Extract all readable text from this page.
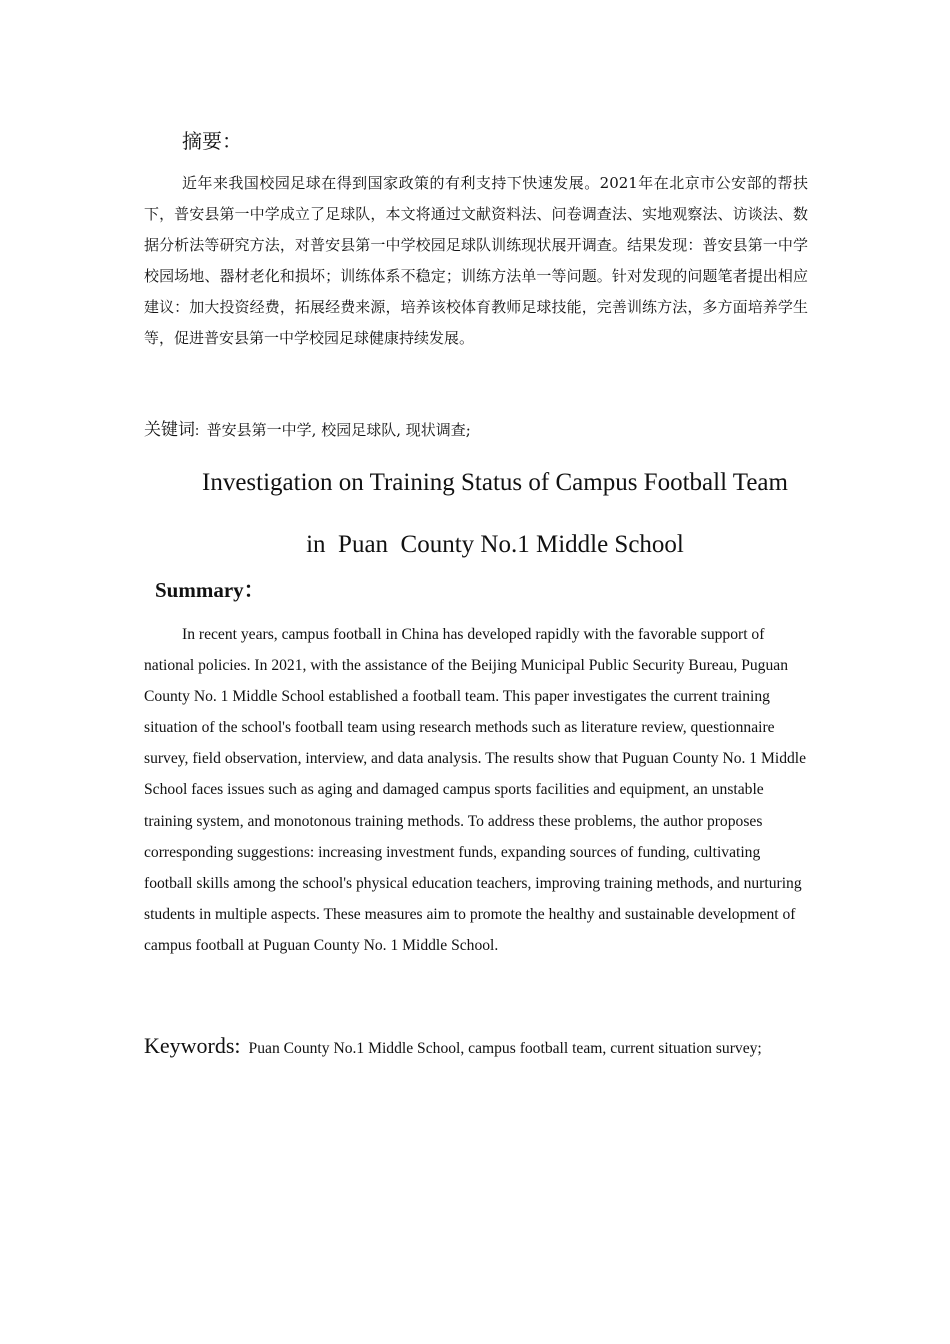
摘要：

近年来我国校园足球在得到国家政策的有利支持下快速发展。2021年在北京市公安部的帮扶下，普安县第一中学成立了足球队，本文将通过文献资料法、问卷调查法、实地观察法、访谈法、数据分析法等研究方法，对普安县第一中学校园足球队训练现状展开调查。结果发现：普安县第一中学校园场地、器材老化和损坏；训练体系不稳定；训练方法单一等问题。针对发现的问题笔者提出相应建议：加大投资经费，拓展经费来源，培养该校体育教师足球技能，完善训练方法，多方面培养学生等，促进普安县第一中学校园足球健康持续发展。

关键词: 普安县第一中学, 校园足球队, 现状调查;

Investigation on Training Status of Campus Football Team
in  Puan  County No.1 Middle School
Summary：

In recent years, campus football in China has developed rapidly with the favorable support of national policies. In 2021, with the assistance of the Beijing Municipal Public Security Bureau, Puguan County No. 1 Middle School established a football team. This paper investigates the current training situation of the school's football team using research methods such as literature review, questionnaire survey, field observation, interview, and data analysis. The results show that Puguan County No. 1 Middle School faces issues such as aging and damaged campus sports facilities and equipment, an unstable training system, and monotonous training methods. To address these problems, the author proposes corresponding suggestions: increasing investment funds, expanding sources of funding, cultivating football skills among the school's physical education teachers, improving training methods, and nurturing students in multiple aspects. These measures aim to promote the healthy and sustainable development of campus football at Puguan County No. 1 Middle School.

Keywords: Puan County No.1 Middle School, campus football team, current situation survey;
